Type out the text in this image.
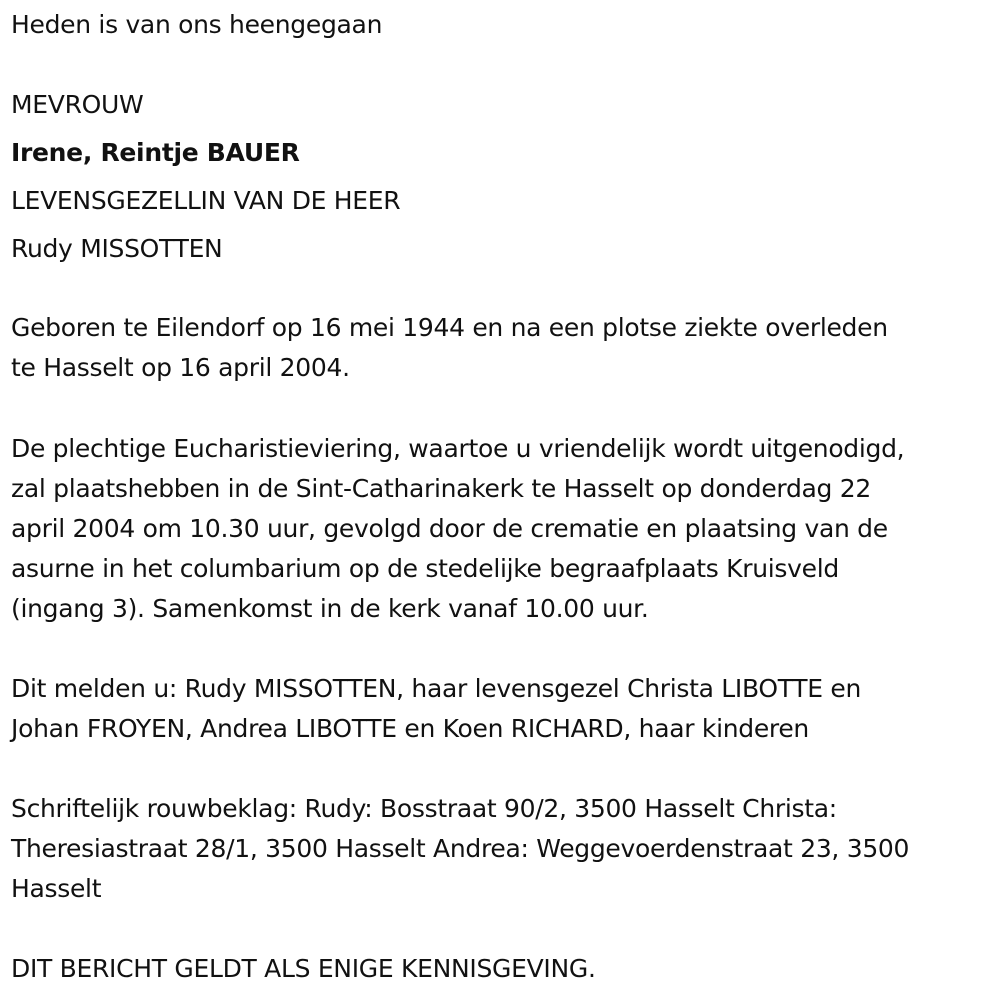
Heden is van ons heengegaan

MEVROUW

Irene, Reintje BAUER

LEVENSGEZELLIN VAN DE HEER

Rudy MISSOTTEN

Geboren te Eilendorf op 16 mei 1944 en na een plotse ziekte overleden

te Hasselt op 16 april 2004.

De plechtige Eucharistieviering, waartoe u vriendelijk wordt uitgenodigd,

zal plaatshebben in de Sint-Catharinakerk te Hasselt op donderdag 22

april 2004 om 10.30 uur, gevolgd door de crematie en plaatsing van de

asurne in het columbarium op de stedelijke begraafplaats Kruisveld

(ingang 3). Samenkomst in de kerk vanaf 10.00 uur.

Dit melden u: Rudy MISSOTTEN, haar levensgezel Christa LIBOTTE en

Johan FROYEN, Andrea LIBOTTE en Koen RICHARD, haar kinderen

Schriftelijk rouwbeklag: Rudy: Bosstraat 90/2, 3500 Hasselt Christa:

Theresiastraat 28/1, 3500 Hasselt Andrea: Weggevoerdenstraat 23, 3500

Hasselt

DIT BERICHT GELDT ALS ENIGE KENNISGEVING.
